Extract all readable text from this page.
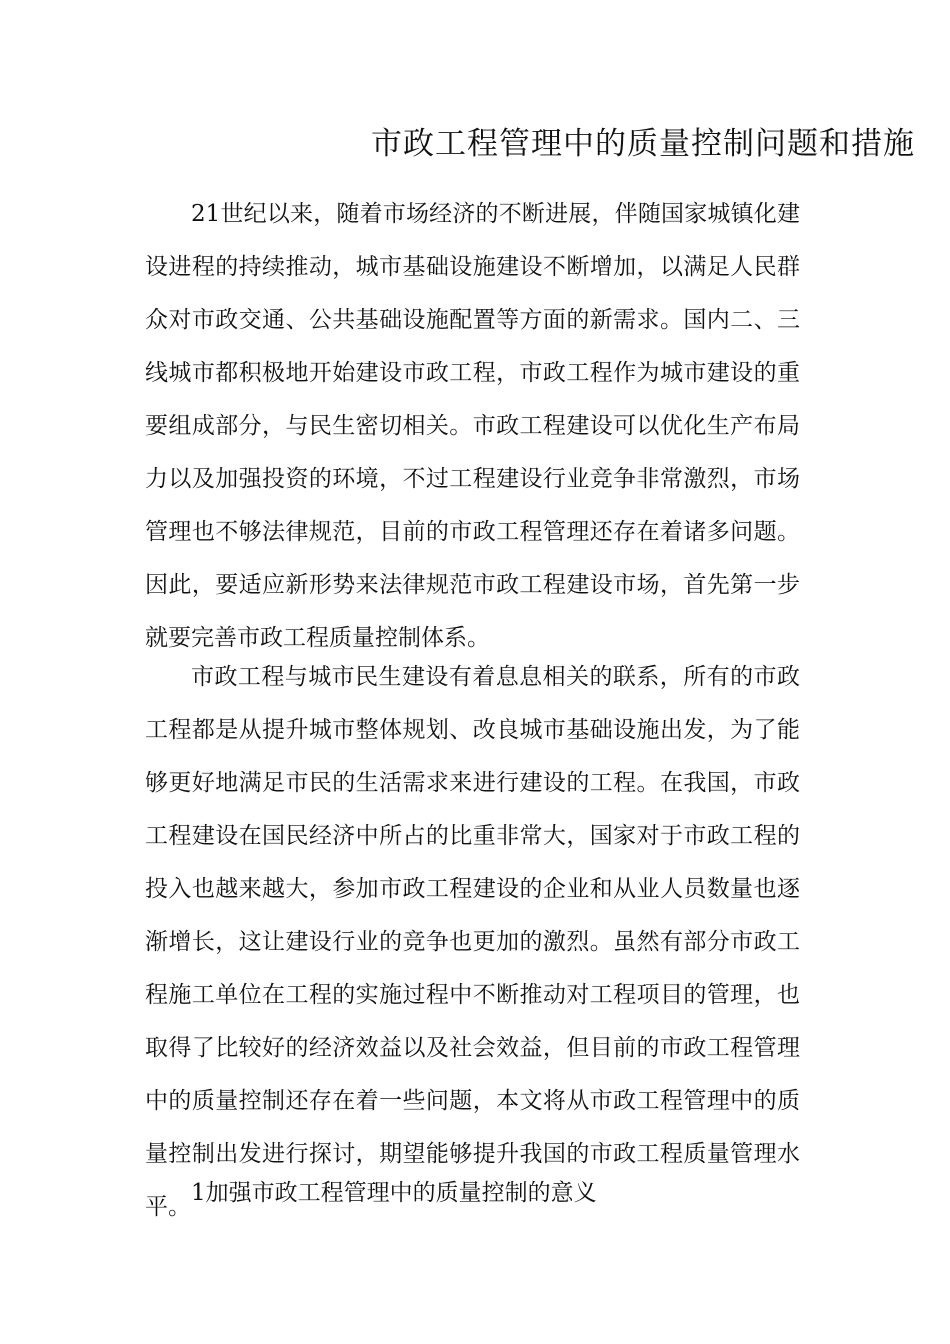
市政工程管理中的质量控制问题和措施

21世纪以来，随着市场经济的不断进展，伴随国家城镇化建设进程的持续推动，城市基础设施建设不断增加，以满足人民群众对市政交通、公共基础设施配置等方面的新需求。国内二、三线城市都积极地开始建设市政工程，市政工程作为城市建设的重要组成部分，与民生密切相关。市政工程建设可以优化生产布局力以及加强投资的环境，不过工程建设行业竞争非常激烈，市场管理也不够法律规范，目前的市政工程管理还存在着诸多问题。因此，要适应新形势来法律规范市政工程建设市场，首先第一步就要完善市政工程质量控制体系。

市政工程与城市民生建设有着息息相关的联系，所有的市政工程都是从提升城市整体规划、改良城市基础设施出发，为了能够更好地满足市民的生活需求来进行建设的工程。在我国，市政工程建设在国民经济中所占的比重非常大，国家对于市政工程的投入也越来越大，参加市政工程建设的企业和从业人员数量也逐渐增长，这让建设行业的竞争也更加的激烈。虽然有部分市政工程施工单位在工程的实施过程中不断推动对工程项目的管理，也取得了比较好的经济效益以及社会效益，但目前的市政工程管理中的质量控制还存在着一些问题，本文将从市政工程管理中的质量控制出发进行探讨，期望能够提升我国的市政工程质量管理水平。

1加强市政工程管理中的质量控制的意义
